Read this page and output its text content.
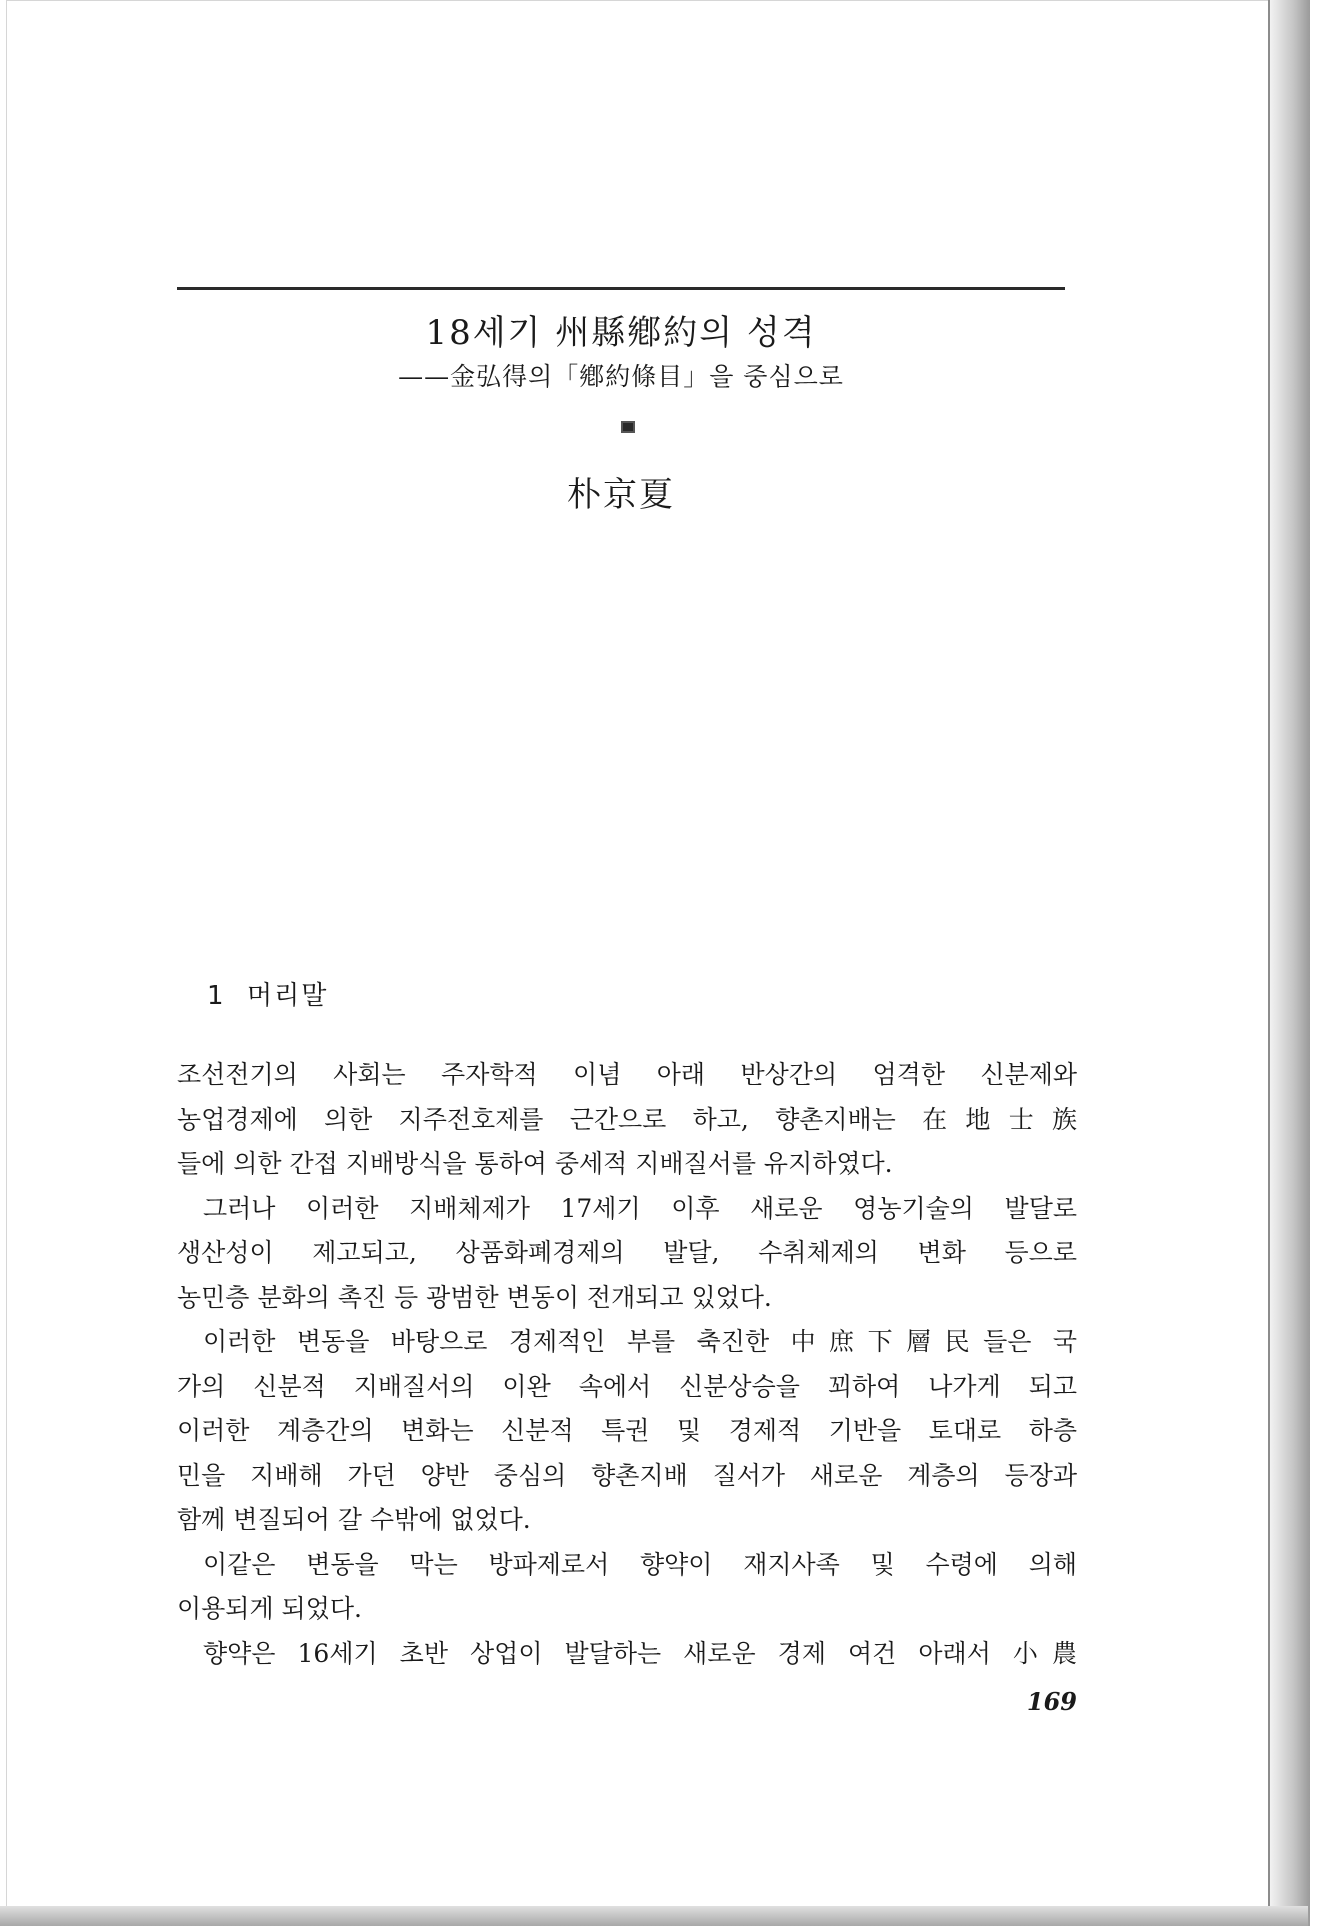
18세기 州縣鄕約의 성격
——金弘得의「鄕約條目」을 중심으로
朴京夏
1 머리말
조선전기의 사회는 주자학적 이념 아래 반상간의 엄격한 신분제와
농업경제에 의한 지주전호제를 근간으로 하고, 향촌지배는 在地士族
들에 의한 간접 지배방식을 통하여 중세적 지배질서를 유지하였다.
그러나 이러한 지배체제가 17세기 이후 새로운 영농기술의 발달로
생산성이 제고되고, 상품화폐경제의 발달, 수취체제의 변화 등으로
농민층 분화의 촉진 등 광범한 변동이 전개되고 있었다.
이러한 변동을 바탕으로 경제적인 부를 축진한 中庶下層民들은 국
가의 신분적 지배질서의 이완 속에서 신분상승을 꾀하여 나가게 되고
이러한 계층간의 변화는 신분적 특권 및 경제적 기반을 토대로 하층
민을 지배해 가던 양반 중심의 향촌지배 질서가 새로운 계층의 등장과
함께 변질되어 갈 수밖에 없었다.
이같은 변동을 막는 방파제로서 향약이 재지사족 및 수령에 의해
이용되게 되었다.
향약은 16세기 초반 상업이 발달하는 새로운 경제 여건 아래서 小農
169
